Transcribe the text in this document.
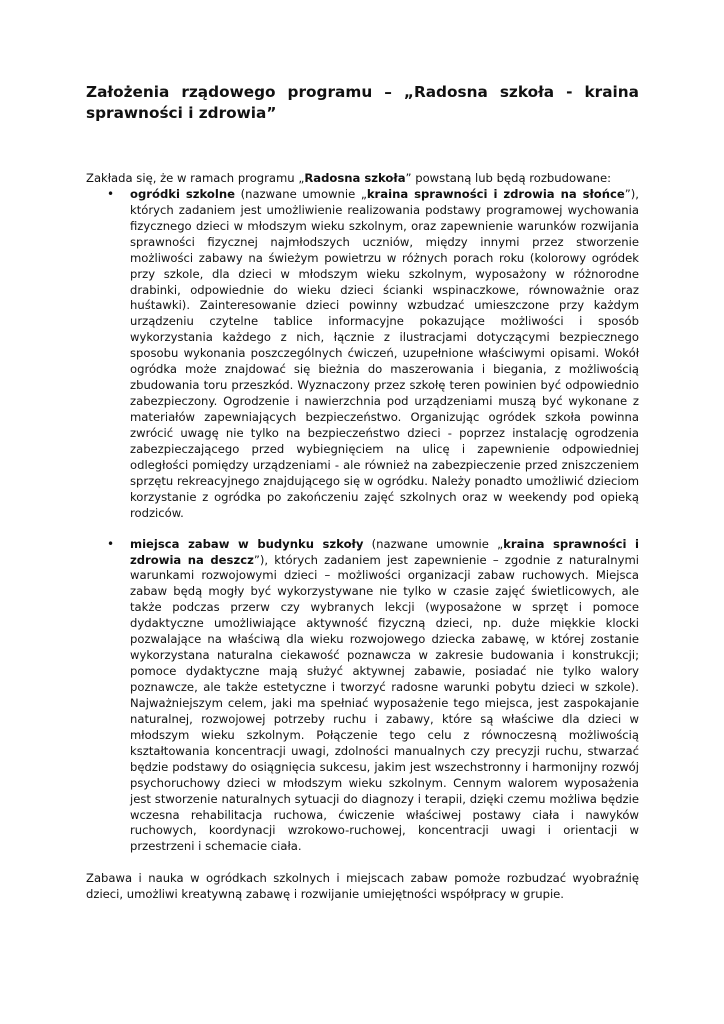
Założenia rządowego programu – „Radosna szkoła - kraina sprawności i zdrowia”

Zakłada się, że w ramach programu „Radosna szkoła” powstaną lub będą rozbudowane:

• ogródki szkolne (nazwane umownie „kraina sprawności i zdrowia na słońce”), których zadaniem jest umożliwienie realizowania podstawy programowej wychowania fizycznego dzieci w młodszym wieku szkolnym, oraz zapewnienie warunków rozwijania sprawności fizycznej najmłodszych uczniów, między innymi przez stworzenie możliwości zabawy na świeżym powietrzu w różnych porach roku (kolorowy ogródek przy szkole, dla dzieci w młodszym wieku szkolnym, wyposażony w różnorodne drabinki, odpowiednie do wieku dzieci ścianki wspinaczkowe, równoważnie oraz huśtawki). Zainteresowanie dzieci powinny wzbudzać umieszczone przy każdym urządzeniu czytelne tablice informacyjne pokazujące możliwości i sposób wykorzystania każdego z nich, łącznie z ilustracjami dotyczącymi bezpiecznego sposobu wykonania poszczególnych ćwiczeń, uzupełnione właściwymi opisami. Wokół ogródka może znajdować się bieżnia do maszerowania i biegania, z możliwością zbudowania toru przeszkód. Wyznaczony przez szkołę teren powinien być odpowiednio zabezpieczony. Ogrodzenie i nawierzchnia pod urządzeniami muszą być wykonane z materiałów zapewniających bezpieczeństwo. Organizując ogródek szkoła powinna zwrócić uwagę nie tylko na bezpieczeństwo dzieci - poprzez instalację ogrodzenia zabezpieczającego przed wybiegnięciem na ulicę i zapewnienie odpowiedniej odległości pomiędzy urządzeniami - ale również na zabezpieczenie przed zniszczeniem sprzętu rekreacyjnego znajdującego się w ogródku. Należy ponadto umożliwić dzieciom korzystanie z ogródka po zakończeniu zajęć szkolnych oraz w weekendy pod opieką rodziców.
• miejsca zabaw w budynku szkoły (nazwane umownie „kraina sprawności i zdrowia na deszcz”), których zadaniem jest zapewnienie – zgodnie z naturalnymi warunkami rozwojowymi dzieci – możliwości organizacji zabaw ruchowych. Miejsca zabaw będą mogły być wykorzystywane nie tylko w czasie zajęć świetlicowych, ale także podczas przerw czy wybranych lekcji (wyposażone w sprzęt i pomoce dydaktyczne umożliwiające aktywność fizyczną dzieci, np. duże miękkie klocki pozwalające na właściwą dla wieku rozwojowego dziecka zabawę, w której zostanie wykorzystana naturalna ciekawość poznawcza w zakresie budowania i konstrukcji; pomoce dydaktyczne mają służyć aktywnej zabawie, posiadać nie tylko walory poznawcze, ale także estetyczne i tworzyć radosne warunki pobytu dzieci w szkole). Najważniejszym celem, jaki ma spełniać wyposażenie tego miejsca, jest zaspokajanie naturalnej, rozwojowej potrzeby ruchu i zabawy, które są właściwe dla dzieci w młodszym wieku szkolnym. Połączenie tego celu z równoczesną możliwością kształtowania koncentracji uwagi, zdolności manualnych czy precyzji ruchu, stwarzać będzie podstawy do osiągnięcia sukcesu, jakim jest wszechstronny i harmonijny rozwój psychoruchowy dzieci w młodszym wieku szkolnym. Cennym walorem wyposażenia jest stworzenie naturalnych sytuacji do diagnozy i terapii, dzięki czemu możliwa będzie wczesna rehabilitacja ruchowa, ćwiczenie właściwej postawy ciała i nawyków ruchowych, koordynacji wzrokowo-ruchowej, koncentracji uwagi i orientacji w przestrzeni i schemacie ciała.

Zabawa i nauka w ogródkach szkolnych i miejscach zabaw pomoże rozbudzać wyobraźnię dzieci, umożliwi kreatywną zabawę i rozwijanie umiejętności współpracy w grupie.
